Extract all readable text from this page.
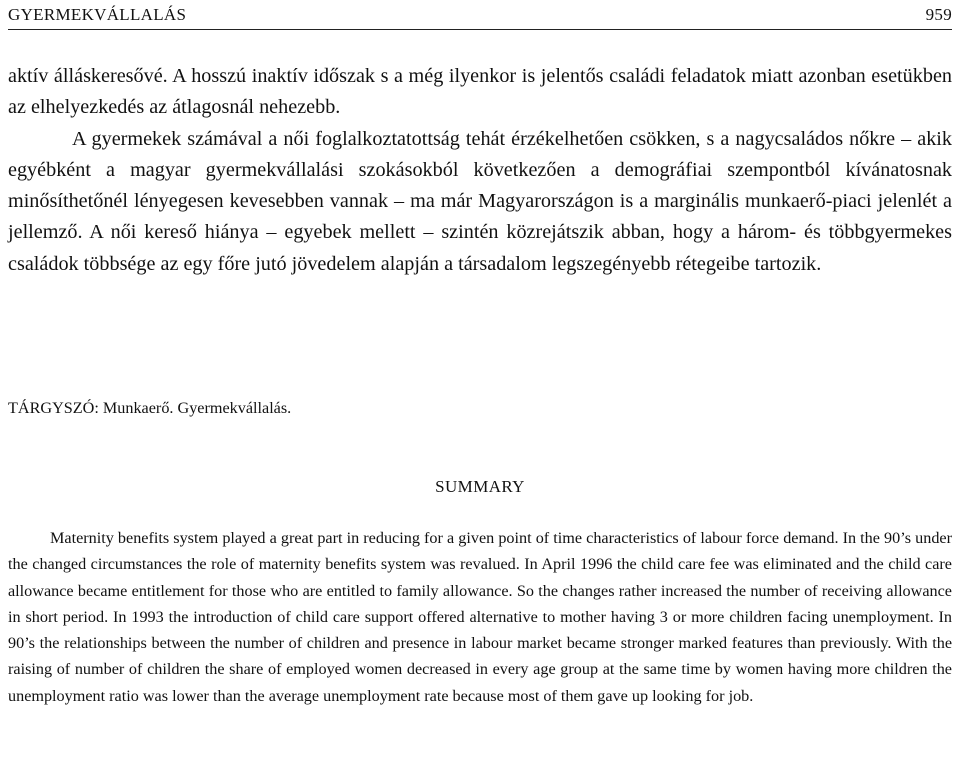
GYERMEKVÁLLALÁS	959

aktív álláskeresővé. A hosszú inaktív időszak s a még ilyenkor is jelentős családi feladatok miatt azonban esetükben az elhelyezkedés az átlagosnál nehezebb.

A gyermekek számával a női foglalkoztatottság tehát érzékelhetően csökken, s a nagycsaládos nőkre – akik egyébként a magyar gyermekvállalási szokásokból következően a demográfiai szempontból kívánatosnak minősíthetőnél lényegesen kevesebben vannak – ma már Magyarországon is a marginális munkaerő-piaci jelenlét a jellemző. A női kereső hiánya – egyebek mellett – szintén közrejátszik abban, hogy a három- és többgyermekes családok többsége az egy főre jutó jövedelem alapján a társadalom legszegényebb rétegeibe tartozik.

TÁRGYSZÓ: Munkaerő. Gyermekvállalás.
SUMMARY

Maternity benefits system played a great part in reducing for a given point of time characteristics of labour force demand. In the 90’s under the changed circumstances the role of maternity benefits system was revalued. In April 1996 the child care fee was eliminated and the child care allowance became entitlement for those who are entitled to family allowance. So the changes rather increased the number of receiving allowance in short period. In 1993 the introduction of child care support offered alternative to mother having 3 or more children facing unemployment. In 90’s the relationships between the number of children and presence in labour market became stronger marked features than previously. With the raising of number of children the share of employed women decreased in every age group at the same time by women having more children the unemployment ratio was lower than the average unemployment rate because most of them gave up looking for job.
